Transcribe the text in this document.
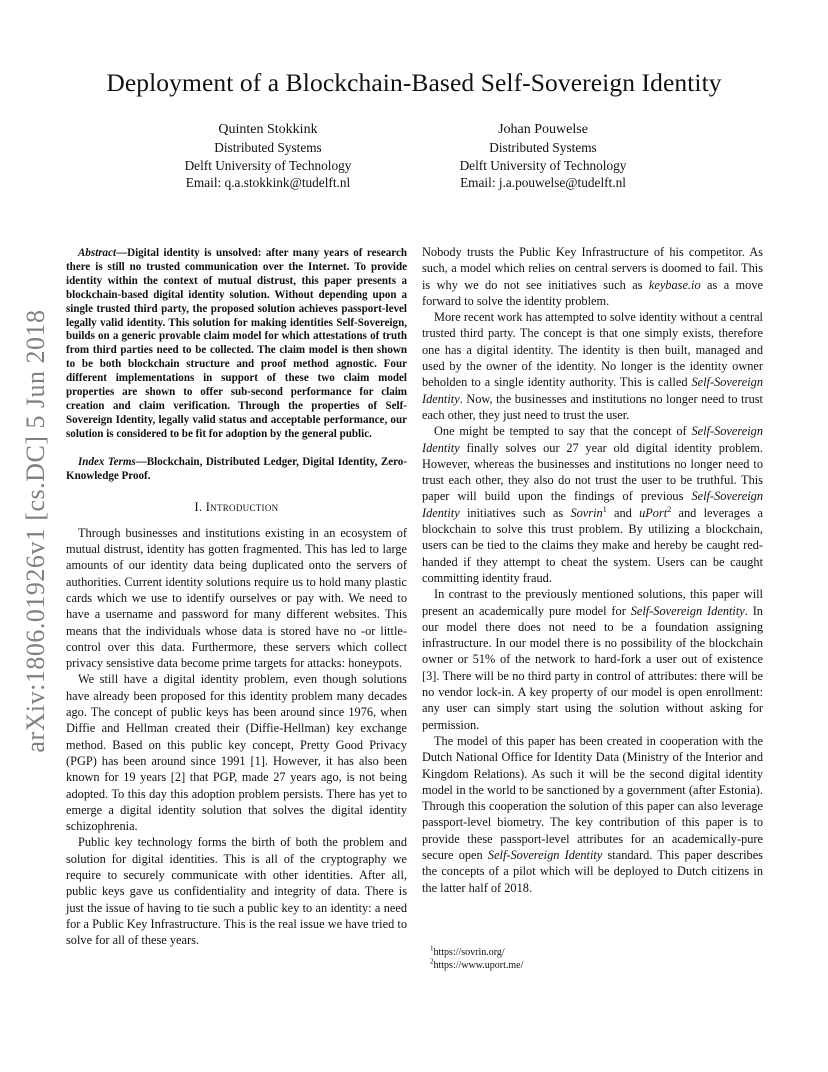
Deployment of a Blockchain-Based Self-Sovereign Identity
Quinten Stokkink
Distributed Systems
Delft University of Technology
Email: q.a.stokkink@tudelft.nl
Johan Pouwelse
Distributed Systems
Delft University of Technology
Email: j.a.pouwelse@tudelft.nl
arXiv:1806.01926v1 [cs.DC] 5 Jun 2018

Abstract—Digital identity is unsolved: after many years of research there is still no trusted communication over the Internet. To provide identity within the context of mutual distrust, this paper presents a blockchain-based digital identity solution. Without depending upon a single trusted third party, the proposed solution achieves passport-level legally valid identity. This solution for making identities Self-Sovereign, builds on a generic provable claim model for which attestations of truth from third parties need to be collected. The claim model is then shown to be both blockchain structure and proof method agnostic. Four different implementations in support of these two claim model properties are shown to offer sub-second performance for claim creation and claim verification. Through the properties of Self-Sovereign Identity, legally valid status and acceptable performance, our solution is considered to be fit for adoption by the general public.

Index Terms—Blockchain, Distributed Ledger, Digital Identity, Zero-Knowledge Proof.

I. Introduction

Through businesses and institutions existing in an ecosystem of mutual distrust, identity has gotten fragmented. This has led to large amounts of our identity data being duplicated onto the servers of authorities. Current identity solutions require us to hold many plastic cards which we use to identify ourselves or pay with. We need to have a username and password for many different websites. This means that the individuals whose data is stored have no -or little- control over this data. Furthermore, these servers which collect privacy sensistive data become prime targets for attacks: honeypots.

We still have a digital identity problem, even though solutions have already been proposed for this identity problem many decades ago. The concept of public keys has been around since 1976, when Diffie and Hellman created their (Diffie-Hellman) key exchange method. Based on this public key concept, Pretty Good Privacy (PGP) has been around since 1991 [1]. However, it has also been known for 19 years [2] that PGP, made 27 years ago, is not being adopted. To this day this adoption problem persists. There has yet to emerge a digital identity solution that solves the digital identity schizophrenia.

Public key technology forms the birth of both the problem and solution for digital identities. This is all of the cryptography we require to securely communicate with other identities. After all, public keys gave us confidentiality and integrity of data. There is just the issue of having to tie such a public key to an identity: a need for a Public Key Infrastructure. This is the real issue we have tried to solve for all of these years.

Nobody trusts the Public Key Infrastructure of his competitor. As such, a model which relies on central servers is doomed to fail. This is why we do not see initiatives such as keybase.io as a move forward to solve the identity problem.

More recent work has attempted to solve identity without a central trusted third party. The concept is that one simply exists, therefore one has a digital identity. The identity is then built, managed and used by the owner of the identity. No longer is the identity owner beholden to a single identity authority. This is called Self-Sovereign Identity. Now, the businesses and institutions no longer need to trust each other, they just need to trust the user.

One might be tempted to say that the concept of Self-Sovereign Identity finally solves our 27 year old digital identity problem. However, whereas the businesses and institutions no longer need to trust each other, they also do not trust the user to be truthful. This paper will build upon the findings of previous Self-Sovereign Identity initiatives such as Sovrin$^1$ and uPort$^2$ and leverages a blockchain to solve this trust problem. By utilizing a blockchain, users can be tied to the claims they make and hereby be caught red-handed if they attempt to cheat the system. Users can be caught committing identity fraud.

In contrast to the previously mentioned solutions, this paper will present an academically pure model for Self-Sovereign Identity. In our model there does not need to be a foundation assigning infrastructure. In our model there is no possibility of the blockchain owner or 51% of the network to hard-fork a user out of existence [3]. There will be no third party in control of attributes: there will be no vendor lock-in. A key property of our model is open enrollment: any user can simply start using the solution without asking for permission.

The model of this paper has been created in cooperation with the Dutch National Office for Identity Data (Ministry of the Interior and Kingdom Relations). As such it will be the second digital identity model in the world to be sanctioned by a government (after Estonia). Through this cooperation the solution of this paper can also leverage passport-level biometry. The key contribution of this paper is to provide these passport-level attributes for an academically-pure secure open Self-Sovereign Identity standard. This paper describes the concepts of a pilot which will be deployed to Dutch citizens in the latter half of 2018.

$^1$https://sovrin.org/
$^2$https://www.uport.me/
